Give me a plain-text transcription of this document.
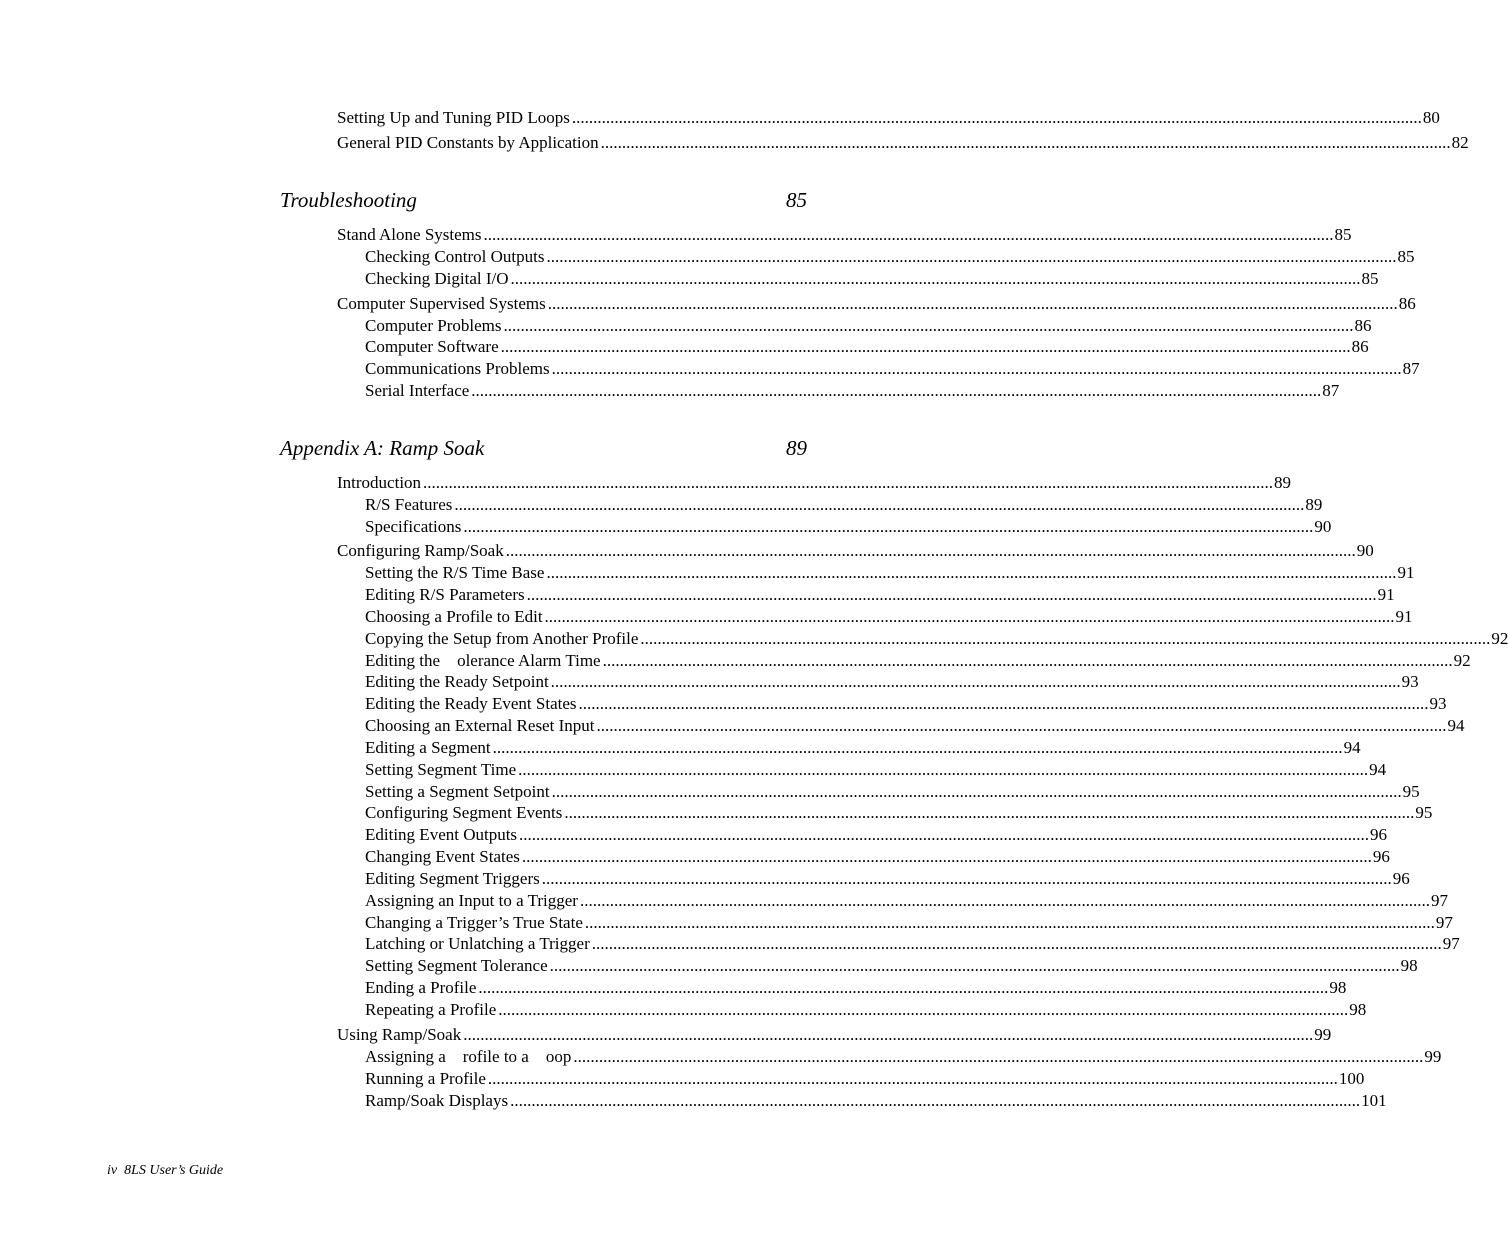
Setting Up and Tuning PID Loops ........................................................................................................................................................................................................ 80
General PID Constants by Application ........................................................................................................................................................................................................ 82
Troubleshooting	85
Stand Alone Systems ........................................................................................................................................................................................................ 85
Checking Control Outputs ........................................................................................................................................................................................................ 85
Checking Digital I/O ........................................................................................................................................................................................................ 85
Computer Supervised Systems ........................................................................................................................................................................................................ 86
Computer Problems ........................................................................................................................................................................................................ 86
Computer Software ........................................................................................................................................................................................................ 86
Communications Problems ........................................................................................................................................................................................................ 87
Serial Interface ........................................................................................................................................................................................................ 87
Appendix A: Ramp Soak	89
Introduction ........................................................................................................................................................................................................ 89
R/S Features ........................................................................................................................................................................................................ 89
Specifications ........................................................................................................................................................................................................ 90
Configuring Ramp/Soak ........................................................................................................................................................................................................ 90
Setting the R/S Time Base ........................................................................................................................................................................................................ 91
Editing R/S Parameters ........................................................................................................................................................................................................ 91
Choosing a Profile to Edit ........................................................................................................................................................................................................ 91
Copying the Setup from Another Profile ........................................................................................................................................................................................................ 92
Editing the    olerance Alarm Time ........................................................................................................................................................................................................ 92
Editing the Ready Setpoint ........................................................................................................................................................................................................ 93
Editing the Ready Event States ........................................................................................................................................................................................................ 93
Choosing an External Reset Input ........................................................................................................................................................................................................ 94
Editing a Segment ........................................................................................................................................................................................................ 94
Setting Segment Time ........................................................................................................................................................................................................ 94
Setting a Segment Setpoint ........................................................................................................................................................................................................ 95
Configuring Segment Events ........................................................................................................................................................................................................ 95
Editing Event Outputs ........................................................................................................................................................................................................ 96
Changing Event States ........................................................................................................................................................................................................ 96
Editing Segment Triggers ........................................................................................................................................................................................................ 96
Assigning an Input to a Trigger ........................................................................................................................................................................................................ 97
Changing a Trigger’s True State ........................................................................................................................................................................................................ 97
Latching or Unlatching a Trigger ........................................................................................................................................................................................................ 97
Setting Segment Tolerance ........................................................................................................................................................................................................ 98
Ending a Profile ........................................................................................................................................................................................................ 98
Repeating a Profile ........................................................................................................................................................................................................ 98
Using Ramp/Soak ........................................................................................................................................................................................................ 99
Assigning a    rofile to a    oop ........................................................................................................................................................................................................ 99
Running a Profile ........................................................................................................................................................................................................ 100
Ramp/Soak Displays ........................................................................................................................................................................................................ 101
iv  8LS User’s Guide
